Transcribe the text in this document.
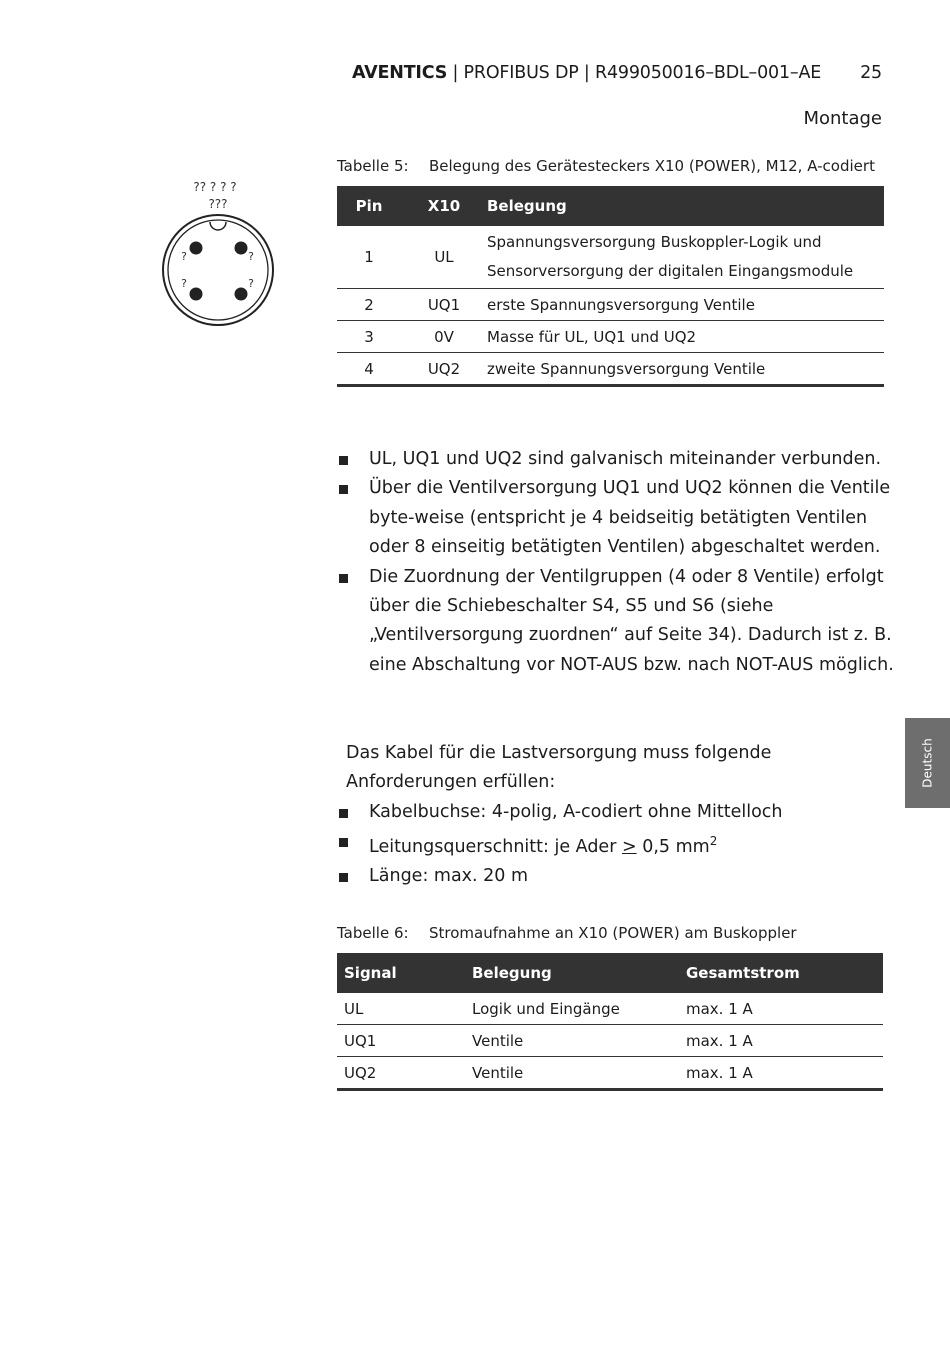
AVENTICS | PROFIBUS DP | R499050016–BDL–001–AE 25
Montage
Deutsch
?? ? ? ?
???
?	?
?	?
Tabelle 5: Belegung des Gerätesteckers X10 (POWER), M12, A-codiert
Pin	X10	Belegung
1	UL	Spannungsversorgung Buskoppler-Logik und
Sensorversorgung der digitalen Eingangsmodule

2	UQ1	erste Spannungsversorgung Ventile
3	0V	Masse für UL, UQ1 und UQ2
4	UQ2	zweite Spannungsversorgung Ventile
UL, UQ1 und UQ2 sind galvanisch miteinander verbunden.
Über die Ventilversorgung UQ1 und UQ2 können die Ventile byte-weise (entspricht je 4 beidseitig betätigten Ventilen oder 8 einseitig betätigten Ventilen) abgeschaltet werden.
Die Zuordnung der Ventilgruppen (4 oder 8 Ventile) erfolgt über die Schiebeschalter S4, S5 und S6 (siehe „Ventilversorgung zuordnen“ auf Seite 34). Dadurch ist z. B. eine Abschaltung vor NOT-AUS bzw. nach NOT-AUS möglich.

Das Kabel für die Lastversorgung muss folgende Anforderungen erfüllen:

Kabelbuchse: 4-polig, A-codiert ohne Mittelloch
Leitungsquerschnitt: je Ader ≥ 0,5 $mm^2$
Länge: max. 20 m
Tabelle 6: Stromaufnahme an X10 (POWER) am Buskoppler
Signal	Belegung	Gesamtstrom
UL	Logik und Eingänge	max. 1 A
UQ1	Ventile	max. 1 A
UQ2	Ventile	max. 1 A
